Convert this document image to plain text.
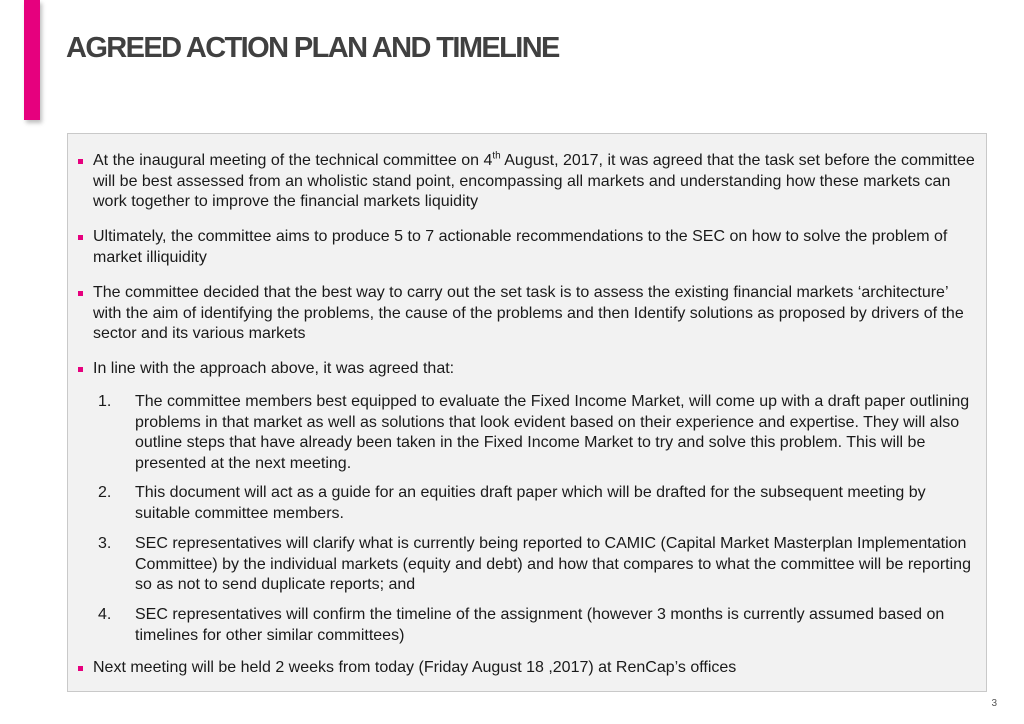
AGREED ACTION PLAN AND TIMELINE
At the inaugural meeting of the technical committee on 4th August, 2017, it was agreed that the task set before the committee will be best assessed from an wholistic stand point, encompassing all markets and understanding how these markets can work together to improve the financial markets liquidity
Ultimately, the committee aims to produce 5 to 7 actionable recommendations to the SEC on how to solve the problem of market illiquidity
The committee decided that the best way to carry out the set task is to assess the existing financial markets ‘architecture’ with the aim of identifying the problems, the cause of the problems and then Identify solutions as proposed by drivers of the sector and its various markets
In line with the approach above, it was agreed that:
1. The committee members best equipped to evaluate the Fixed Income Market, will come up with a draft paper outlining problems in that market as well as solutions that look evident based on their experience and expertise. They will also outline steps that have already been taken in the Fixed Income Market to try and solve this problem. This will be presented at the next meeting.
2. This document will act as a guide for an equities draft paper which will be drafted for the subsequent meeting by suitable committee members.
3. SEC representatives will clarify what is currently being reported to CAMIC (Capital Market Masterplan Implementation Committee) by the individual markets (equity and debt) and how that compares to what the committee will be reporting so as not to send duplicate reports; and
4. SEC representatives will confirm the timeline of the assignment (however 3 months is currently assumed based on timelines for other similar committees)
Next meeting will be held 2 weeks from today (Friday August 18 ,2017) at RenCap’s offices
3
